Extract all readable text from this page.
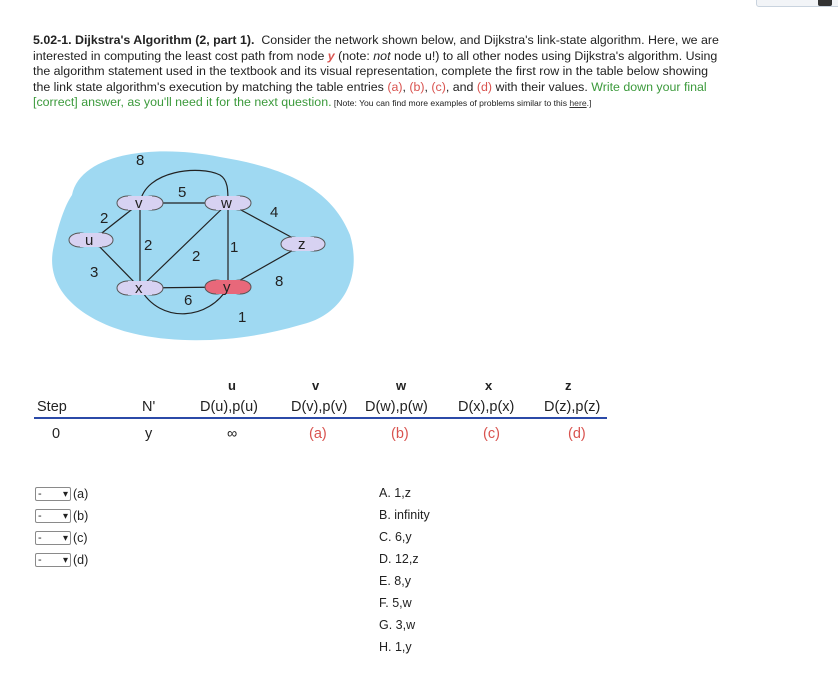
5.02-1. Dijkstra's Algorithm (2, part 1). Consider the network shown below, and Dijkstra's link-state algorithm. Here, we are interested in computing the least cost path from node y (note: not node u!) to all other nodes using Dijkstra's algorithm. Using the algorithm statement used in the textbook and its visual representation, complete the first row in the table below showing the link state algorithm's execution by matching the table entries (a), (b), (c), and (d) with their values. Write down your final [correct] answer, as you'll need it for the next question. [Note: You can find more examples of problems similar to this here.]
u
v	w
x	y
z
2
3
5
8
2
2
1
4
8
6
1
u	v	w	x	z
Step	N'	D(u),p(u) D(v),p(v) D(w),p(w) D(x),p(x) D(z),p(z)
0	y	∞	(a)	(b)	(c)	(d)
- ▾ (a)
- ▾ (b)
- ▾ (c)
- ▾ (d)
A. 1,z
B. infinity
C. 6,y
D. 12,z
E. 8,y
F. 5,w
G. 3,w
H. 1,y
